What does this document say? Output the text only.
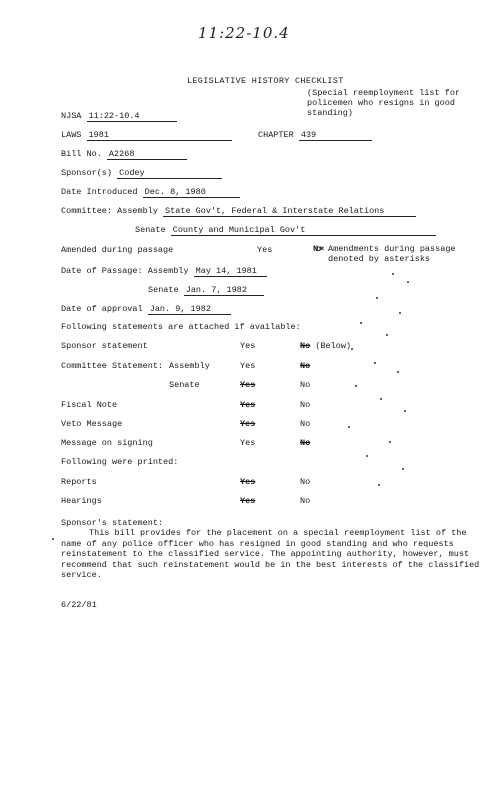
11:22-10.4
LEGISLATIVE HISTORY CHECKLIST
(Special reemployment list for policemen who resigns in good standing)
NJSA 11:22-10.4
LAWS 1981	CHAPTER 439
Bill No. A2268
Sponsor(s) Codey
Date Introduced Dec. 8, 1980
Committee: Assembly State Gov't, Federal & Interstate Relations
Senate County and Municipal Gov't
Amended during passage	Yes	No⨯ Amendments during passage denoted by asterisks
Date of Passage: Assembly May 14, 1981
Senate Jan. 7, 1982
Date of approval Jan. 9, 1982
Following statements are attached if available:
Sponsor statement	Yes	No (Below)
Committee Statement: Assembly	Yes	No
Senate	Yes	No
Fiscal Note	Yes	No
Veto Message	Yes	No
Message on signing	Yes	No
Following were printed:
Reports	Yes	No
Hearings	Yes	No
Sponsor's statement:
This bill provides for the placement on a special reemployment list of the name of any police officer who has resigned in good standing and who requests reinstatement to the classified service. The appointing authority, however, must recommend that such reinstatement would be in the best interests of the classified service.
6/22/81
